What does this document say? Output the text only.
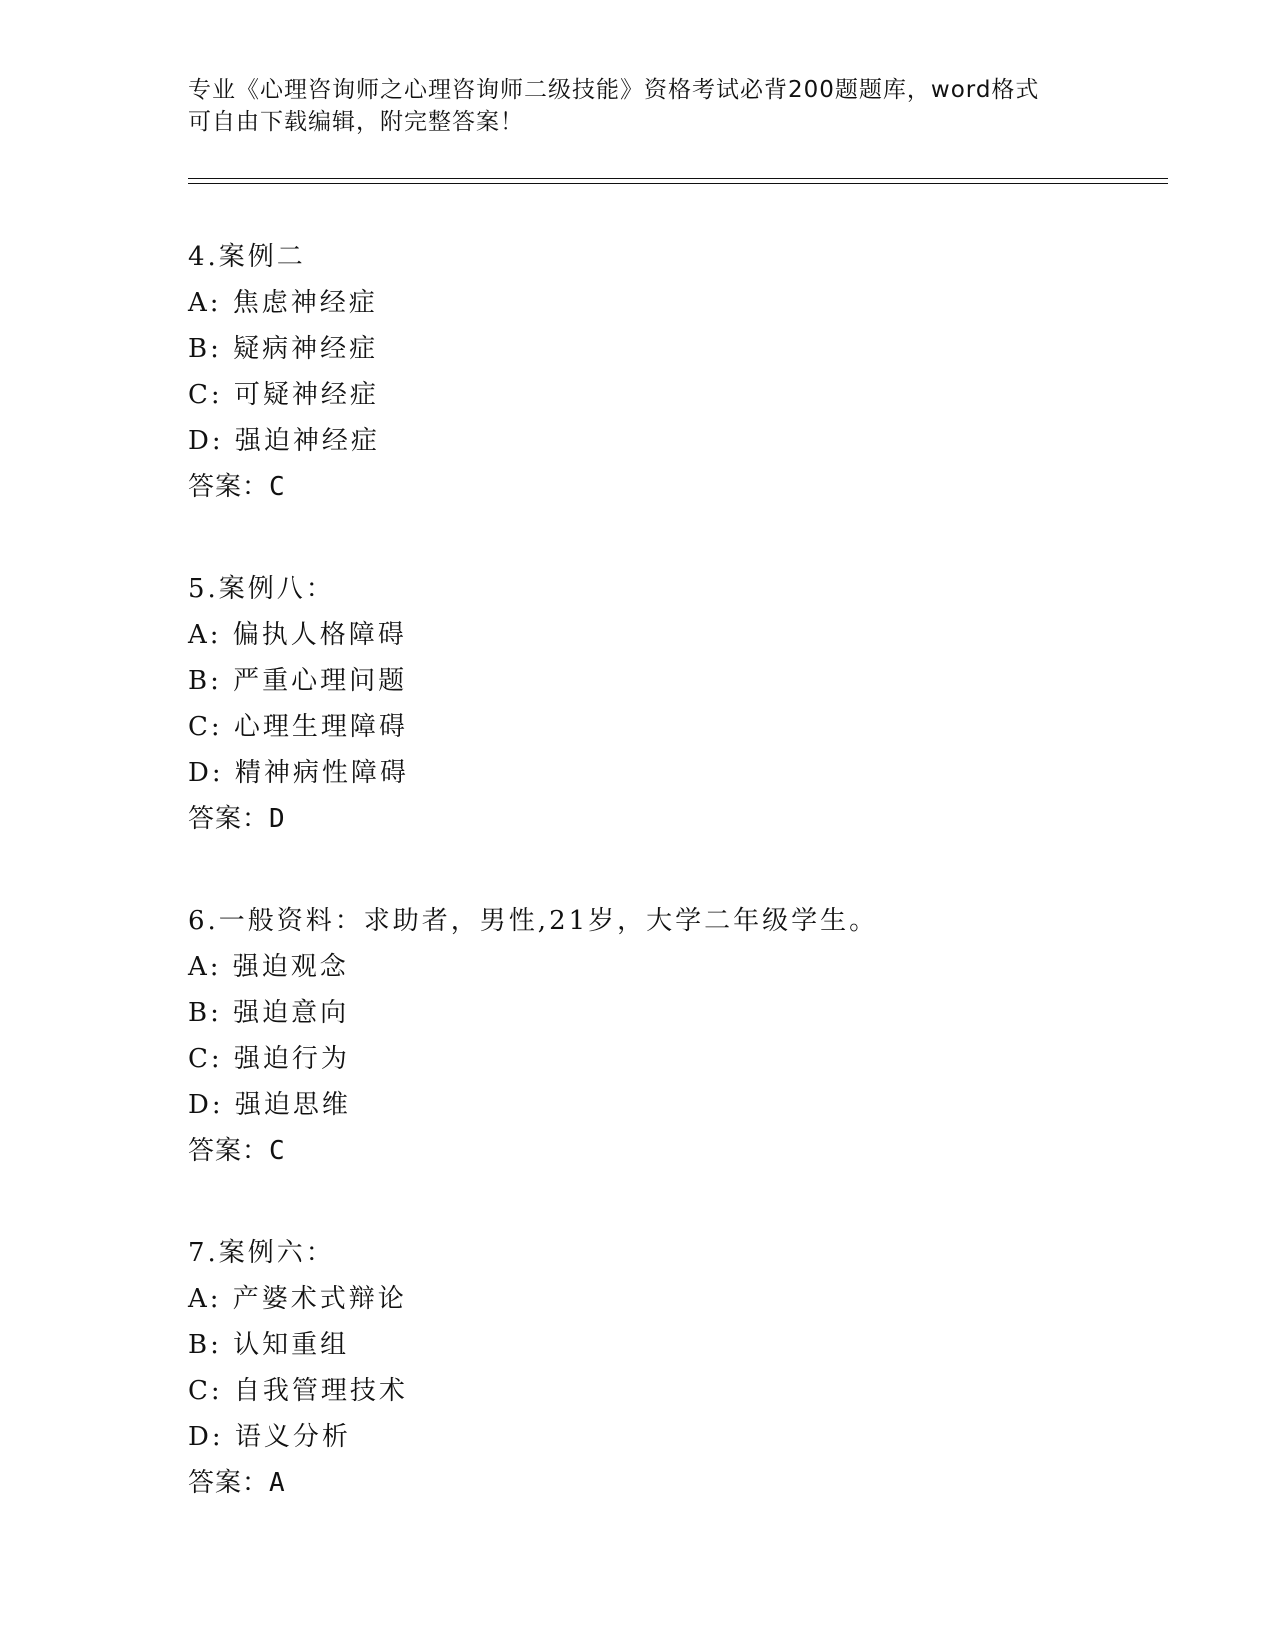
专业《心理咨询师之心理咨询师二级技能》资格考试必背200题题库，word格式
可自由下载编辑，附完整答案！
4.案例二
A: 焦虑神经症
B: 疑病神经症
C: 可疑神经症
D: 强迫神经症
答案：C
5.案例八：
A: 偏执人格障碍
B: 严重心理问题
C: 心理生理障碍
D: 精神病性障碍
答案：D
6.一般资料：求助者，男性,21岁，大学二年级学生。
A: 强迫观念
B: 强迫意向
C: 强迫行为
D: 强迫思维
答案：C
7.案例六：
A: 产婆术式辩论
B: 认知重组
C: 自我管理技术
D: 语义分析
答案：A
